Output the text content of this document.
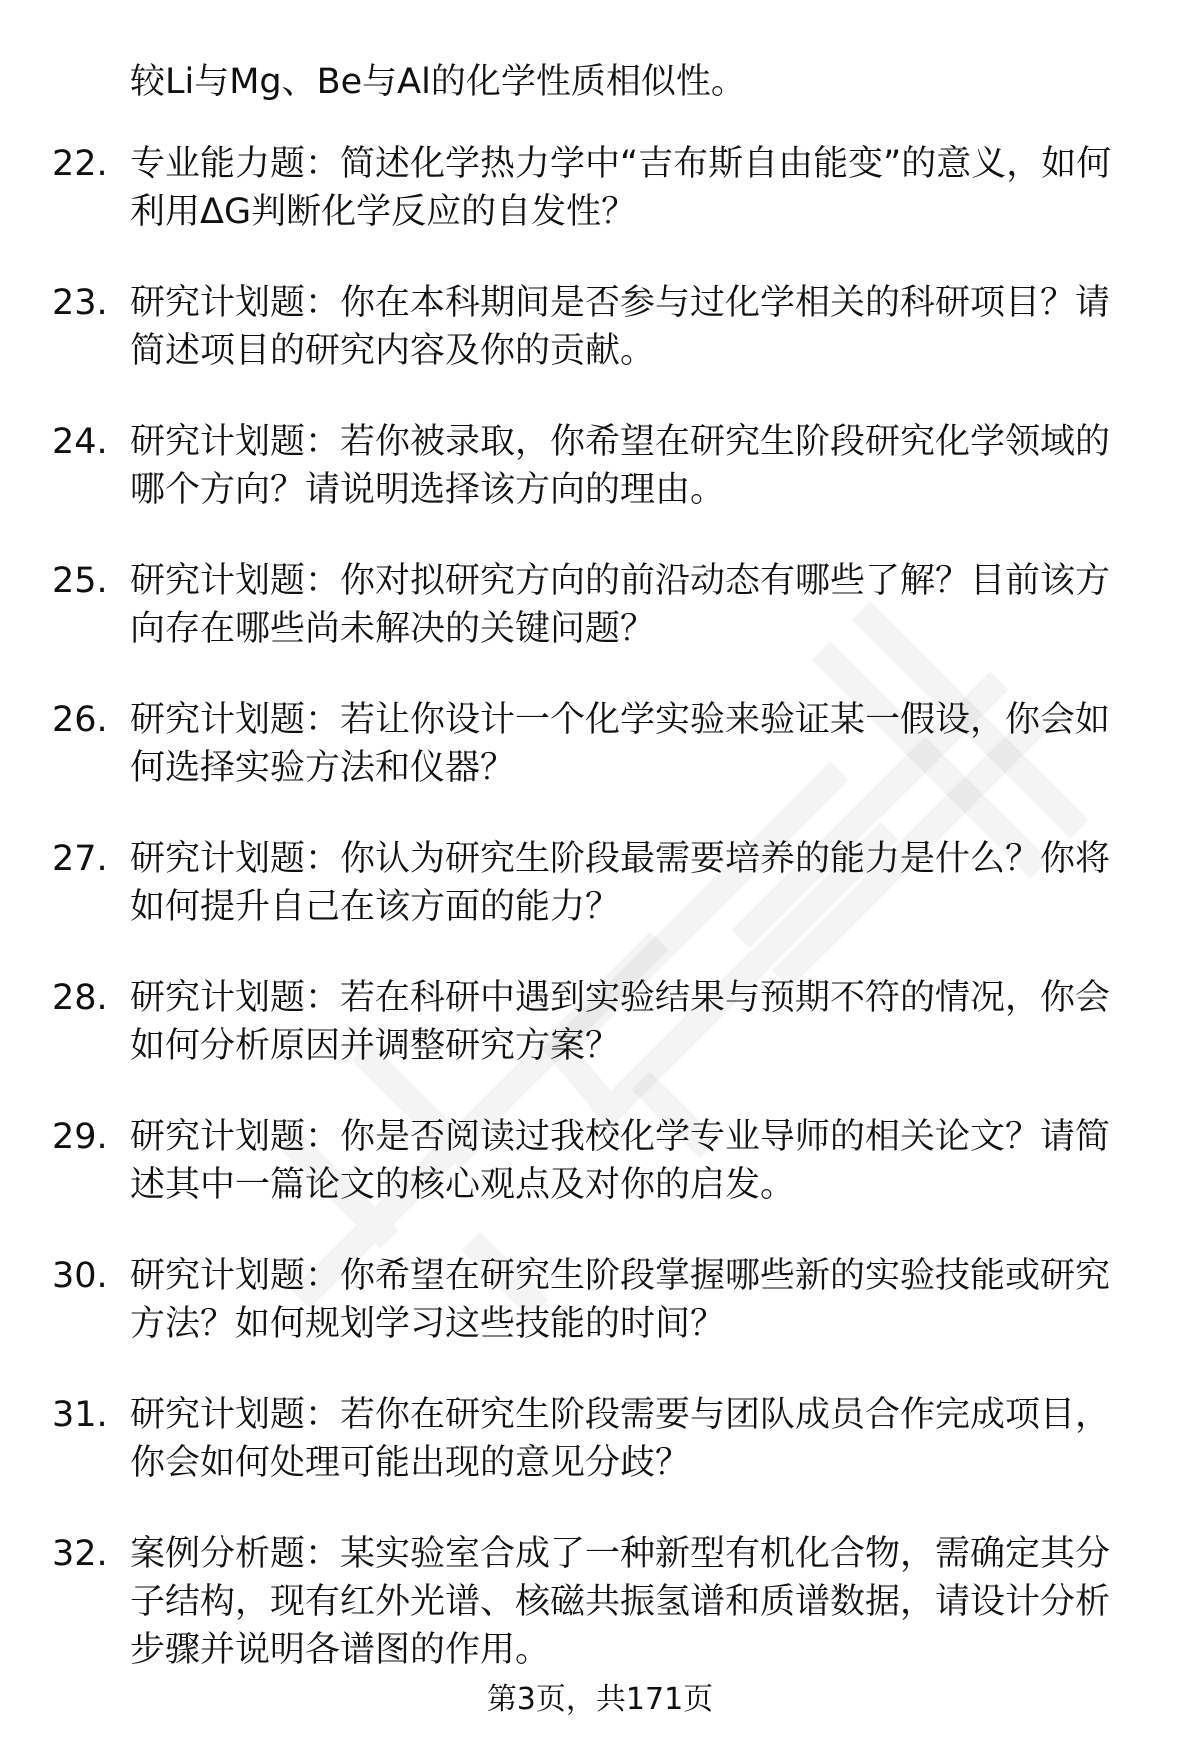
较Li与Mg、Be与Al的化学性质相似性。
22. 专业能力题：简述化学热力学中“吉布斯自由能变”的意义，如何利用ΔG判断化学反应的自发性？
23. 研究计划题：你在本科期间是否参与过化学相关的科研项目？请简述项目的研究内容及你的贡献。
24. 研究计划题：若你被录取，你希望在研究生阶段研究化学领域的哪个方向？请说明选择该方向的理由。
25. 研究计划题：你对拟研究方向的前沿动态有哪些了解？目前该方向存在哪些尚未解决的关键问题？
26. 研究计划题：若让你设计一个化学实验来验证某一假设，你会如何选择实验方法和仪器？
27. 研究计划题：你认为研究生阶段最需要培养的能力是什么？你将如何提升自己在该方面的能力？
28. 研究计划题：若在科研中遇到实验结果与预期不符的情况，你会如何分析原因并调整研究方案？
29. 研究计划题：你是否阅读过我校化学专业导师的相关论文？请简述其中一篇论文的核心观点及对你的启发。
30. 研究计划题：你希望在研究生阶段掌握哪些新的实验技能或研究方法？如何规划学习这些技能的时间？
31. 研究计划题：若你在研究生阶段需要与团队成员合作完成项目，你会如何处理可能出现的意见分歧？
32. 案例分析题：某实验室合成了一种新型有机化合物，需确定其分子结构，现有红外光谱、核磁共振氢谱和质谱数据，请设计分析步骤并说明各谱图的作用。
第3页，共171页
